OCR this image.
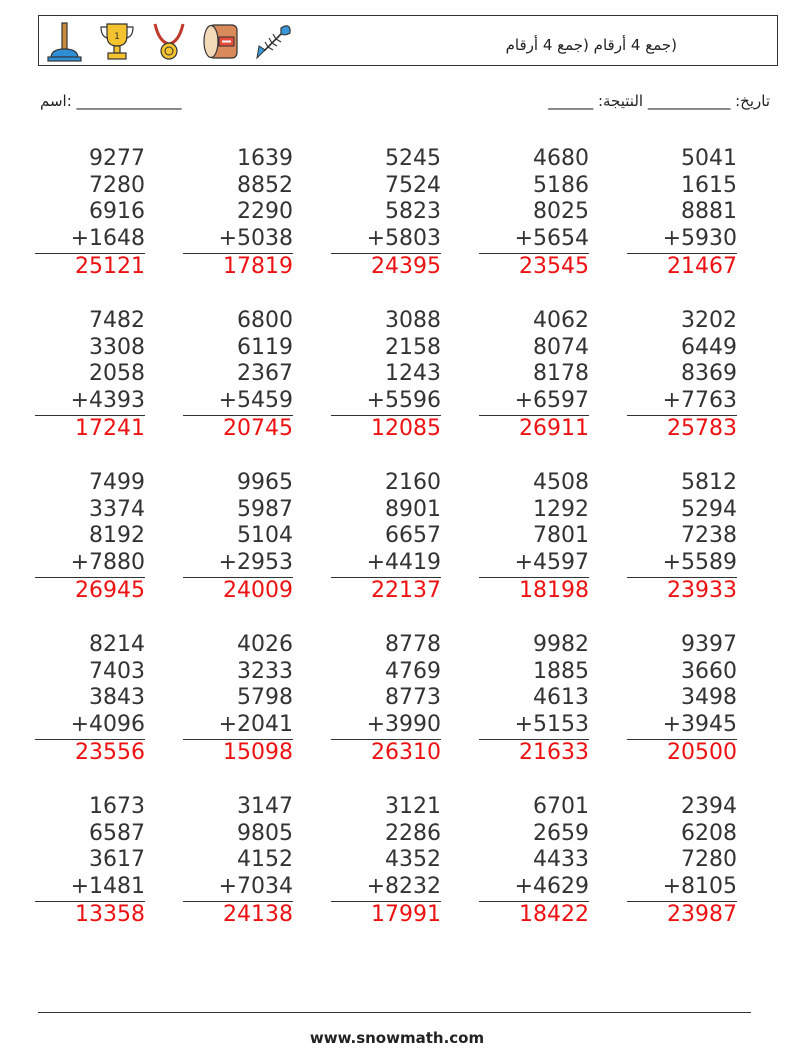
1	(جمع 4 أرقام (جمع 4 أرقام
اسم: ______________	______ :تاريخ: ___________ النتيجة
9277
7280
6916
+1648
25121
1639
8852
2290
+5038
17819
5245
7524
5823
+5803
24395
4680
5186
8025
+5654
23545
5041
1615
8881
+5930
21467
7482
3308
2058
+4393
17241
6800
6119
2367
+5459
20745
3088
2158
1243
+5596
12085
4062
8074
8178
+6597
26911
3202
6449
8369
+7763
25783
7499
3374
8192
+7880
26945
9965
5987
5104
+2953
24009
2160
8901
6657
+4419
22137
4508
1292
7801
+4597
18198
5812
5294
7238
+5589
23933
8214
7403
3843
+4096
23556
4026
3233
5798
+2041
15098
8778
4769
8773
+3990
26310
9982
1885
4613
+5153
21633
9397
3660
3498
+3945
20500
1673
6587
3617
+1481
13358
3147
9805
4152
+7034
24138
3121
2286
4352
+8232
17991
6701
2659
4433
+4629
18422
2394
6208
7280
+8105
23987
www.snowmath.com
